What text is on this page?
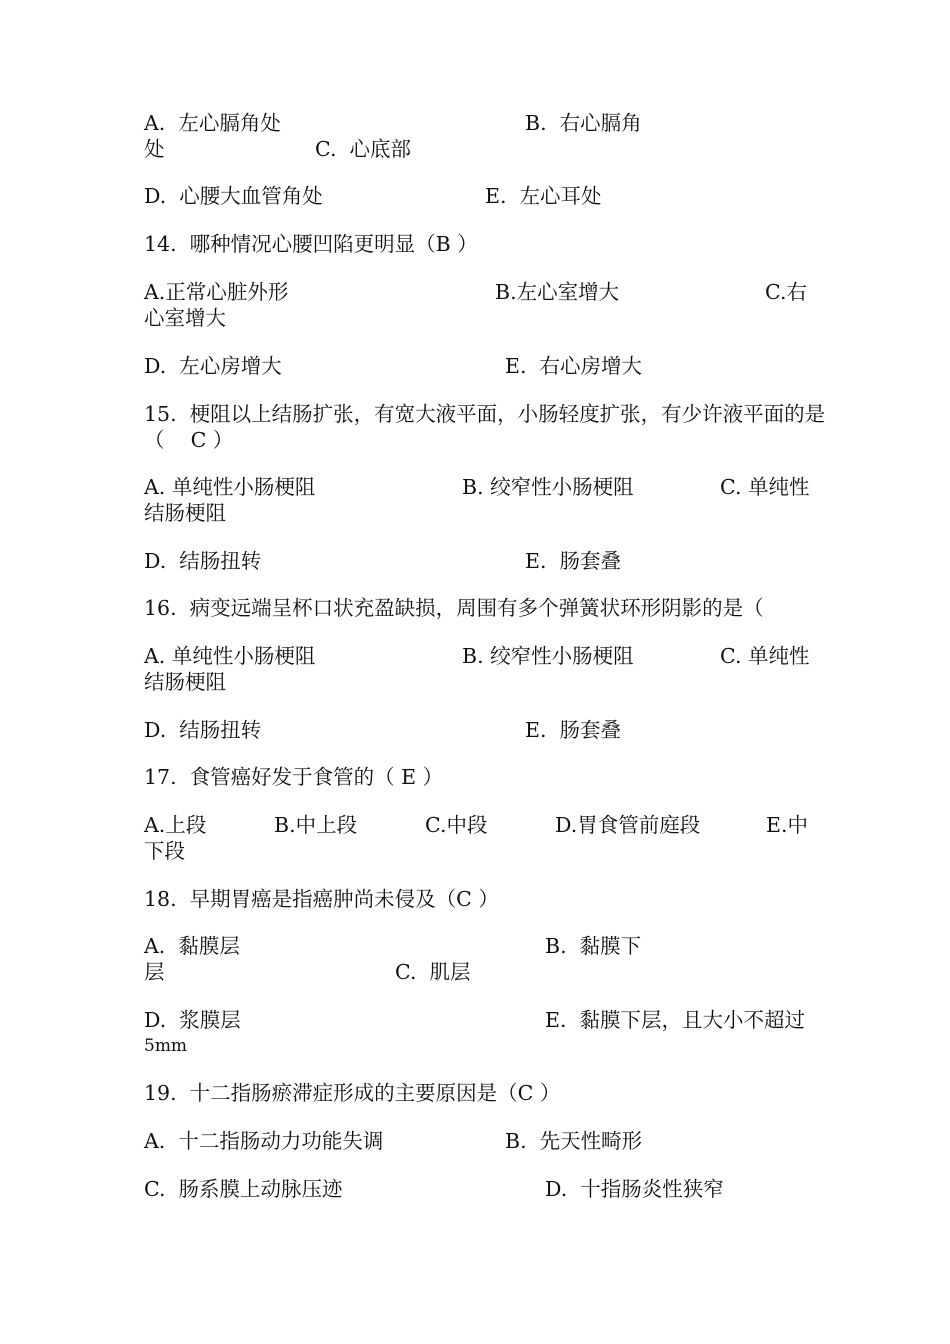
A.  左心膈角处	B.  右心膈角
处	C.  心底部
D.  心腰大血管角处	E.  左心耳处
14.  哪种情况心腰凹陷更明显（B ）
A.正常心脏外形	B.左心室增大	C.右
心室增大
D.  左心房增大	E.  右心房增大
15.  梗阻以上结肠扩张，有宽大液平面，小肠轻度扩张，有少许液平面的是
（    C ）
A. 单纯性小肠梗阻	B. 绞窄性小肠梗阻	C. 单纯性
结肠梗阻
D.  结肠扭转	E.  肠套叠
16.  病变远端呈杯口状充盈缺损，周围有多个弹簧状环形阴影的是（
A. 单纯性小肠梗阻	B. 绞窄性小肠梗阻	C. 单纯性
结肠梗阻
D.  结肠扭转	E.  肠套叠
17.  食管癌好发于食管的（ E ）
A.上段	B.中上段	C.中段	D.胃食管前庭段	E.中
下段
18.  早期胃癌是指癌肿尚未侵及（C ）
A.  黏膜层	B.  黏膜下
层	C.  肌层
D.  浆膜层	E.  黏膜下层，且大小不超过
5mm
19.  十二指肠瘀滞症形成的主要原因是（C ）
A.  十二指肠动力功能失调	B.  先天性畸形
C.  肠系膜上动脉压迹	D.  十指肠炎性狭窄
